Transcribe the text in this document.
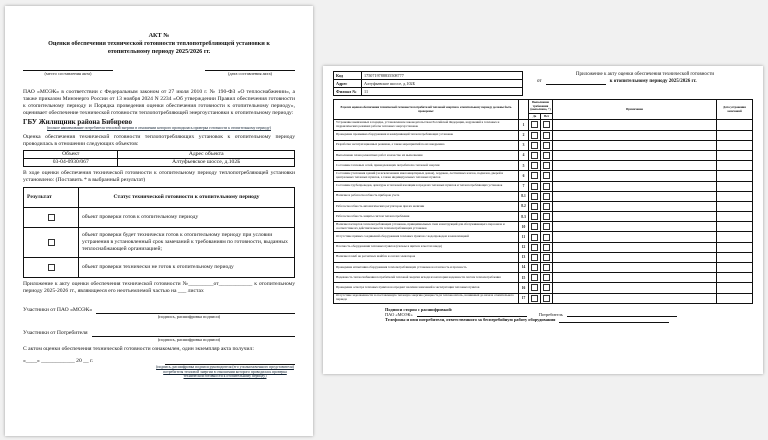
АКТ №
Оценки обеспечения технической готовности теплопотребляющей установки к
отопительному периоду 2025/2026 гг.
(место составления акта)	(дата составления акта)

ПАО «МОЭК» в соответствии с Федеральным законом от 27 июля 2010 г. № 190-ФЗ «О теплоснабжении», а также приказом Минэнерго России от 13 ноября 2024 N 2234 «Об утверждении Правил обеспечения готовности к отопительному периоду и Порядка проведения оценки обеспечения готовности к отопительному периоду», оценивает обеспечение технической готовности теплопотребляющей энергоустановки к отопительному периоду:

ГБУ Жилищник района Бибирево
(полное наименование потребителя тепловой энергии в отношении которого проводилась проверка готовности к отопительному периоду)

Оценка обеспечения технической готовности теплопотребляющих установок к отопительному периоду проводилась в отношении следующих объектов:

Объект	Адрес объекта
03-04-0930/067	Алтуфьевское шоссе, д.102Б

В ходе оценки обеспечения технической готовности к отопительному периоду теплопотребляющей установки установлено: (Поставить * в выбранный результат)

Результат	Статус технической готовности к отопительному периоду

	объект проверки готов к отопительному периоду

	объект проверки будет технически готов к отопительному периоду при условии устранения в установленный срок замечаний к требованиям по готовности, выданных теплоснабжающей организацией;

	объект проверки технически не готов к отопительному периоду

Приложение к акту оценки обеспечения технической готовности №_________от____________ к отопительному периоду 2025-2026 гг., являющееся его неотъемлемой частью на ___ листах

Участники от ПАО «МОЭК»
(подпись, расшифровка подписи)
Участники от Потребителя
(подпись, расшифровка подписи)

С актом оценки обеспечения технической готовности ознакомлен, один экземпляр акта получил:

«____» ____________ 20 __ г.
(подпись, расшифровка подписи руководителя (его уполномоченного представителя) потребителя тепловой энергии в отношении которого проводилась проверка технической готовности к отопительному периоду)
Код	1750719788835508777
Адрес	Алтуфьевское шоссе, д.102Б
Филиал №	11
Приложение к акту оценки обеспечения технической готовности
от	к отопительному периоду 2025/2026 гг.
В целях оценки обеспечения технической готовности потребителей тепловой энергии к отопительному периоду должны быть проверены:		Выполнение требования (выполнено, +)		Примечание	Дата устранения замечаний
		Да	Нет		
Устранение выявленных в порядке, установленном законодательством Российской Федерации, нарушений в тепловых и гидравлических режимах работы тепловых энергоустановок	1	

Проведение промывки оборудования и коммуникаций теплопотребляющих установок	2	

Разработка эксплуатационных режимов, а также мероприятий по их внедрению	3	

Выполнение плана ремонтных работ и качество их выполнения	4	

Состояние тепловых сетей, принадлежащих потребителю тепловой энергии	5	

Состояние утепления зданий (за исключением многоквартирных домов), чердаков, лестничных клеток, подвалов, дверей и центральных тепловых пунктов, а также индивидуальных тепловых пунктов	6	

Состояние трубопроводов, арматуры и тепловой изоляции в пределах тепловых пунктов и теплопотребляющих установок	7	

Наличие и работоспособность приборов учета	8.1	

Работоспособность автоматических регуляторов при их наличии	8.2	

Работоспособность защиты систем теплопотребления	8.3	

Наличие паспортов теплопотребляющих установок, принципиальных схем и инструкций для обслуживающего персонала и соответствие их действительности теплопотребляющих установок	10	

Отсутствие прямых соединений оборудования тепловых пунктов с водопроводом и канализацией	11	

Плотность оборудования тепловых пунктов (гильзы в щитках и местах ввода)	12	

Наличие пломб на расчетных шайбах и соплах элеваторов	13	

Проведение испытания оборудования теплопотребляющих установок на плотность и прочность	14	

Надежность теплоснабжения потребителей тепловой энергии исходя из категории надежности систем теплопотребления	15	

Проведение осмотра тепловых пунктов на предмет наличия замечаний к эксплуатации тепловых пунктов	16	

Отсутствие задолженности за поставленную тепловую энергию (мощность) и теплоноситель, возникшей до начала отопительного периода	17	

Подписи сторон с расшифровкой:
ПАО «МОЭК»	Потребитель
Телефоны и имя потребителя, ответственного за бесперебойную работу оборудования
